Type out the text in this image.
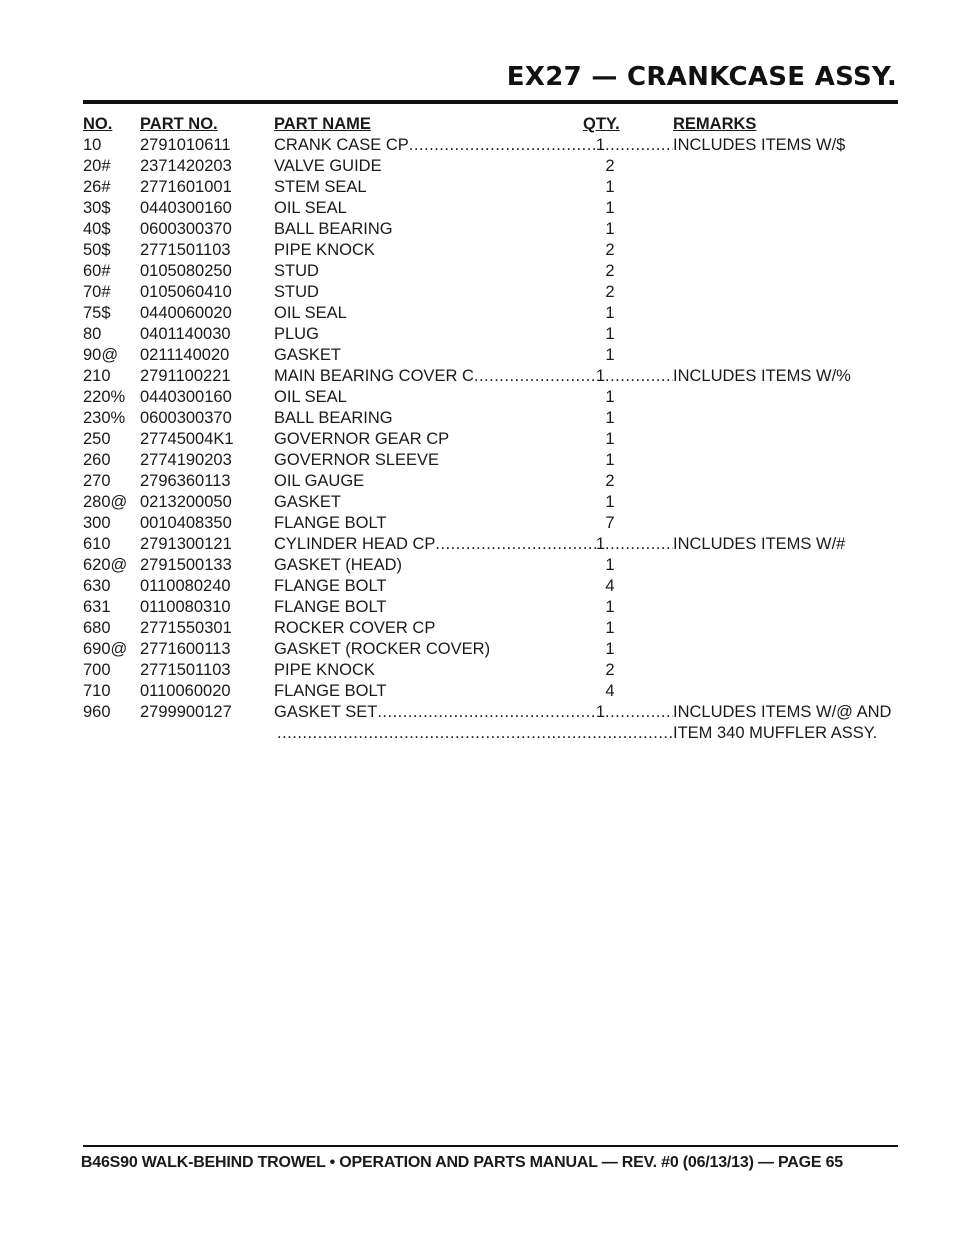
EX27 — CRANKCASE ASSY.
NO. PART NO.	PART NAME	QTY.	REMARKS
10 2791010611	CRANK CASE CP .....	1 .....	INCLUDES ITEMS W/$
20# 2371420203	VALVE GUIDE	2
26# 2771601001	STEM SEAL	1
30$ 0440300160	OIL SEAL	1
40$ 0600300370	BALL BEARING	1
50$ 2771501103	PIPE KNOCK	2
60# 0105080250	STUD	2
70# 0105060410	STUD	2
75$ 0440060020	OIL SEAL	1
80 0401140030	PLUG	1
90@ 0211140020	GASKET	1
210 2791100221	MAIN BEARING COVER C .....	1 .....	INCLUDES ITEMS W/%
220% 0440300160	OIL SEAL	1
230% 0600300370	BALL BEARING	1
250 27745004K1 GOVERNOR GEAR CP	1
260 2774190203	GOVERNOR SLEEVE	1
270 2796360113	OIL GAUGE	2
280@ 0213200050	GASKET	1
300 0010408350	FLANGE BOLT	7
610 2791300121	CYLINDER HEAD CP .....	1 .....	INCLUDES ITEMS W/#
620@ 2791500133	GASKET (HEAD)	1
630 0110080240	FLANGE BOLT	4
631 0110080310	FLANGE BOLT	1
680 2771550301	ROCKER COVER CP	1
690@ 2771600113	GASKET (ROCKER COVER)	1
700 2771501103	PIPE KNOCK	2
710 0110060020	FLANGE BOLT	4
960 2799900127	GASKET SET .....	1 .....	INCLUDES ITEMS W/@ AND
.....
ITEM 340 MUFFLER ASSY.
B46S90 WALK-BEHIND TROWEL • OPERATION AND PARTS MANUAL — REV. #0 (06/13/13) — PAGE 65
